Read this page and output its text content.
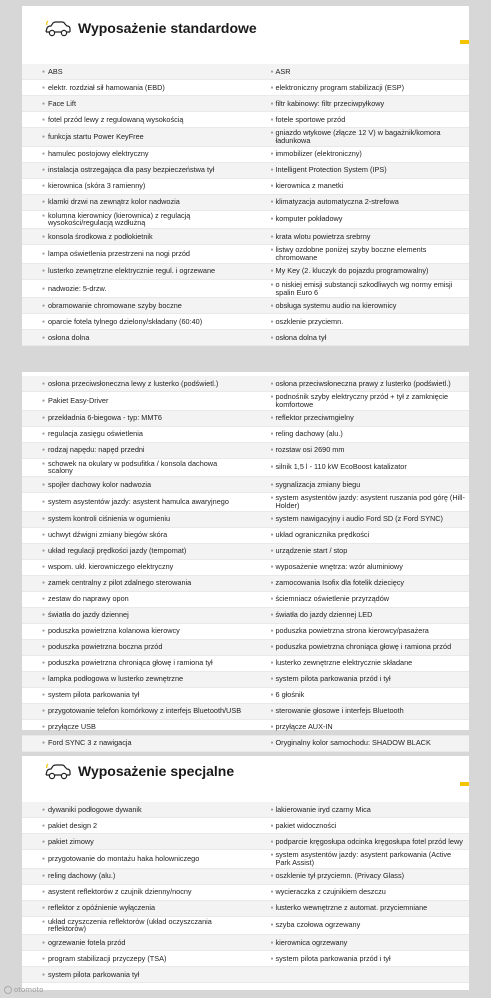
Wyposażenie standardowe
● ABS	● ASR
● elektr. rozdział sił hamowania (EBD)	● elektroniczny program stabilizacji (ESP)
● Face Lift	● filtr kabinowy: filtr przeciwpyłkowy
● fotel przód lewy z regulowaną wysokością	● fotele sportowe przód
● funkcja startu Power KeyFree	● gniazdo wtykowe (złącze 12 V) w bagażnik/komora ładunkowa
● hamulec postojowy elektryczny	● immobilizer (elektroniczny)
● instalacja ostrzegająca dla pasy bezpieczeństwa tył	● Intelligent Protection System (IPS)
● kierownica (skóra 3 ramienny)	● kierownica z manetki
● klamki drzwi na zewnątrz kolor nadwozia	● klimatyzacja automatyczna 2-strefowa
● kolumna kierownicy (kierownica) z regulacją wysokości/regulacją wzdłużną	● komputer pokładowy
● konsola środkowa z podłokietnik	● krata wlotu powietrza srebrny
● lampa oświetlenia przestrzeni na nogi przód	● listwy ozdobne poniżej szyby boczne elements chromowane
● lusterko zewnętrzne elektrycznie regul. i ogrzewane	● My Key (2. kluczyk do pojazdu programowalny)
● nadwozie: 5-drzw.	● o niskiej emisji substancji szkodliwych wg normy emisji spalin Euro 6
● obramowanie chromowane szyby boczne	● obsługa systemu audio na kierownicy
● oparcie fotela tylnego dzielony/składany (60:40)	● oszklenie przyciemn.
● osłona dolna	● osłona dolna tył
● osłona przeciwsłoneczna lewy z lusterko (podświetl.)	● osłona przeciwsłoneczna prawy z lusterko (podświetl.)
● Pakiet Easy-Driver	● podnośnik szyby elektryczny przód + tył z zamknięcie komfortowe
● przekładnia 6-biegowa - typ: MMT6	● reflektor przeciwmgielny
● regulacja zasięgu oświetlenia	● reling dachowy (alu.)
● rodzaj napędu: napęd przedni	● rozstaw osi 2690 mm
● schowek na okulary w podsufitka / konsola dachowa scalony	● silnik 1,5 l - 110 kW EcoBoost katalizator
● spojler dachowy kolor nadwozia	● sygnalizacja zmiany biegu
● system asystentów jazdy: asystent hamulca awaryjnego	● system asystentów jazdy: asystent ruszania pod górę (Hill-Holder)
● system kontroli ciśnienia w ogumieniu	● system nawigacyjny i audio Ford SD (z Ford SYNC)
● uchwyt dźwigni zmiany biegów skóra	● układ ogranicznika prędkości
● układ regulacji prędkości jazdy (tempomat)	● urządzenie start / stop
● wspom. ukł. kierowniczego elektryczny	● wyposażenie wnętrza: wzór aluminiowy
● zamek centralny z pilot zdalnego sterowania	● zamocowania Isofix dla fotelik dziecięcy
● zestaw do naprawy opon	● ściemniacz oświetlenie przyrządów
● światła do jazdy dziennej	● światła do jazdy dziennej LED
● poduszka powietrzna kolanowa kierowcy	● poduszka powietrzna strona kierowcy/pasażera
● poduszka powietrzna boczna przód	● poduszka powietrzna chroniąca głowę i ramiona przód
● poduszka powietrzna chroniąca głowę i ramiona tył	● lusterko zewnętrzne elektrycznie składane
● lampka podłogowa w lusterko zewnętrzne	● system pilota parkowania przód i tył
● system pilota parkowania tył	● 6 głośnik
● przygotowanie telefon komórkowy z interfejs Bluetooth/USB	● sterowanie głosowe i interfejs Bluetooth
● przyłącze USB	● przyłącze AUX-IN
● Ford SYNC 3 z nawigacja	● Oryginalny kolor samochodu: SHADOW BLACK
Wyposażenie specjalne
● dywaniki podłogowe dywanik	● lakierowanie iryd czarny Mica
● pakiet design 2	● pakiet widoczności
● pakiet zimowy	● podparcie kręgosłupa odcinka kręgosłupa fotel przód lewy
● przygotowanie do montażu haka holowniczego	● system asystentów jazdy: asystent parkowania (Active Park Assist)
● reling dachowy (alu.)	● oszklenie tył przyciemn. (Privacy Glass)
● asystent reflektorów z czujnik dzienny/nocny	● wycieraczka z czujnikiem deszczu
● reflektor z opóźnienie wyłączenia	● lusterko wewnętrzne z automat. przyciemniane
● układ czyszczenia reflektorów (układ oczyszczania reflektorów)	● szyba czołowa ogrzewany
● ogrzewanie fotela przód	● kierownica ogrzewany
● program stabilizacji przyczepy (TSA)	● system pilota parkowania przód i tył
● system pilota parkowania tył
otomoto
